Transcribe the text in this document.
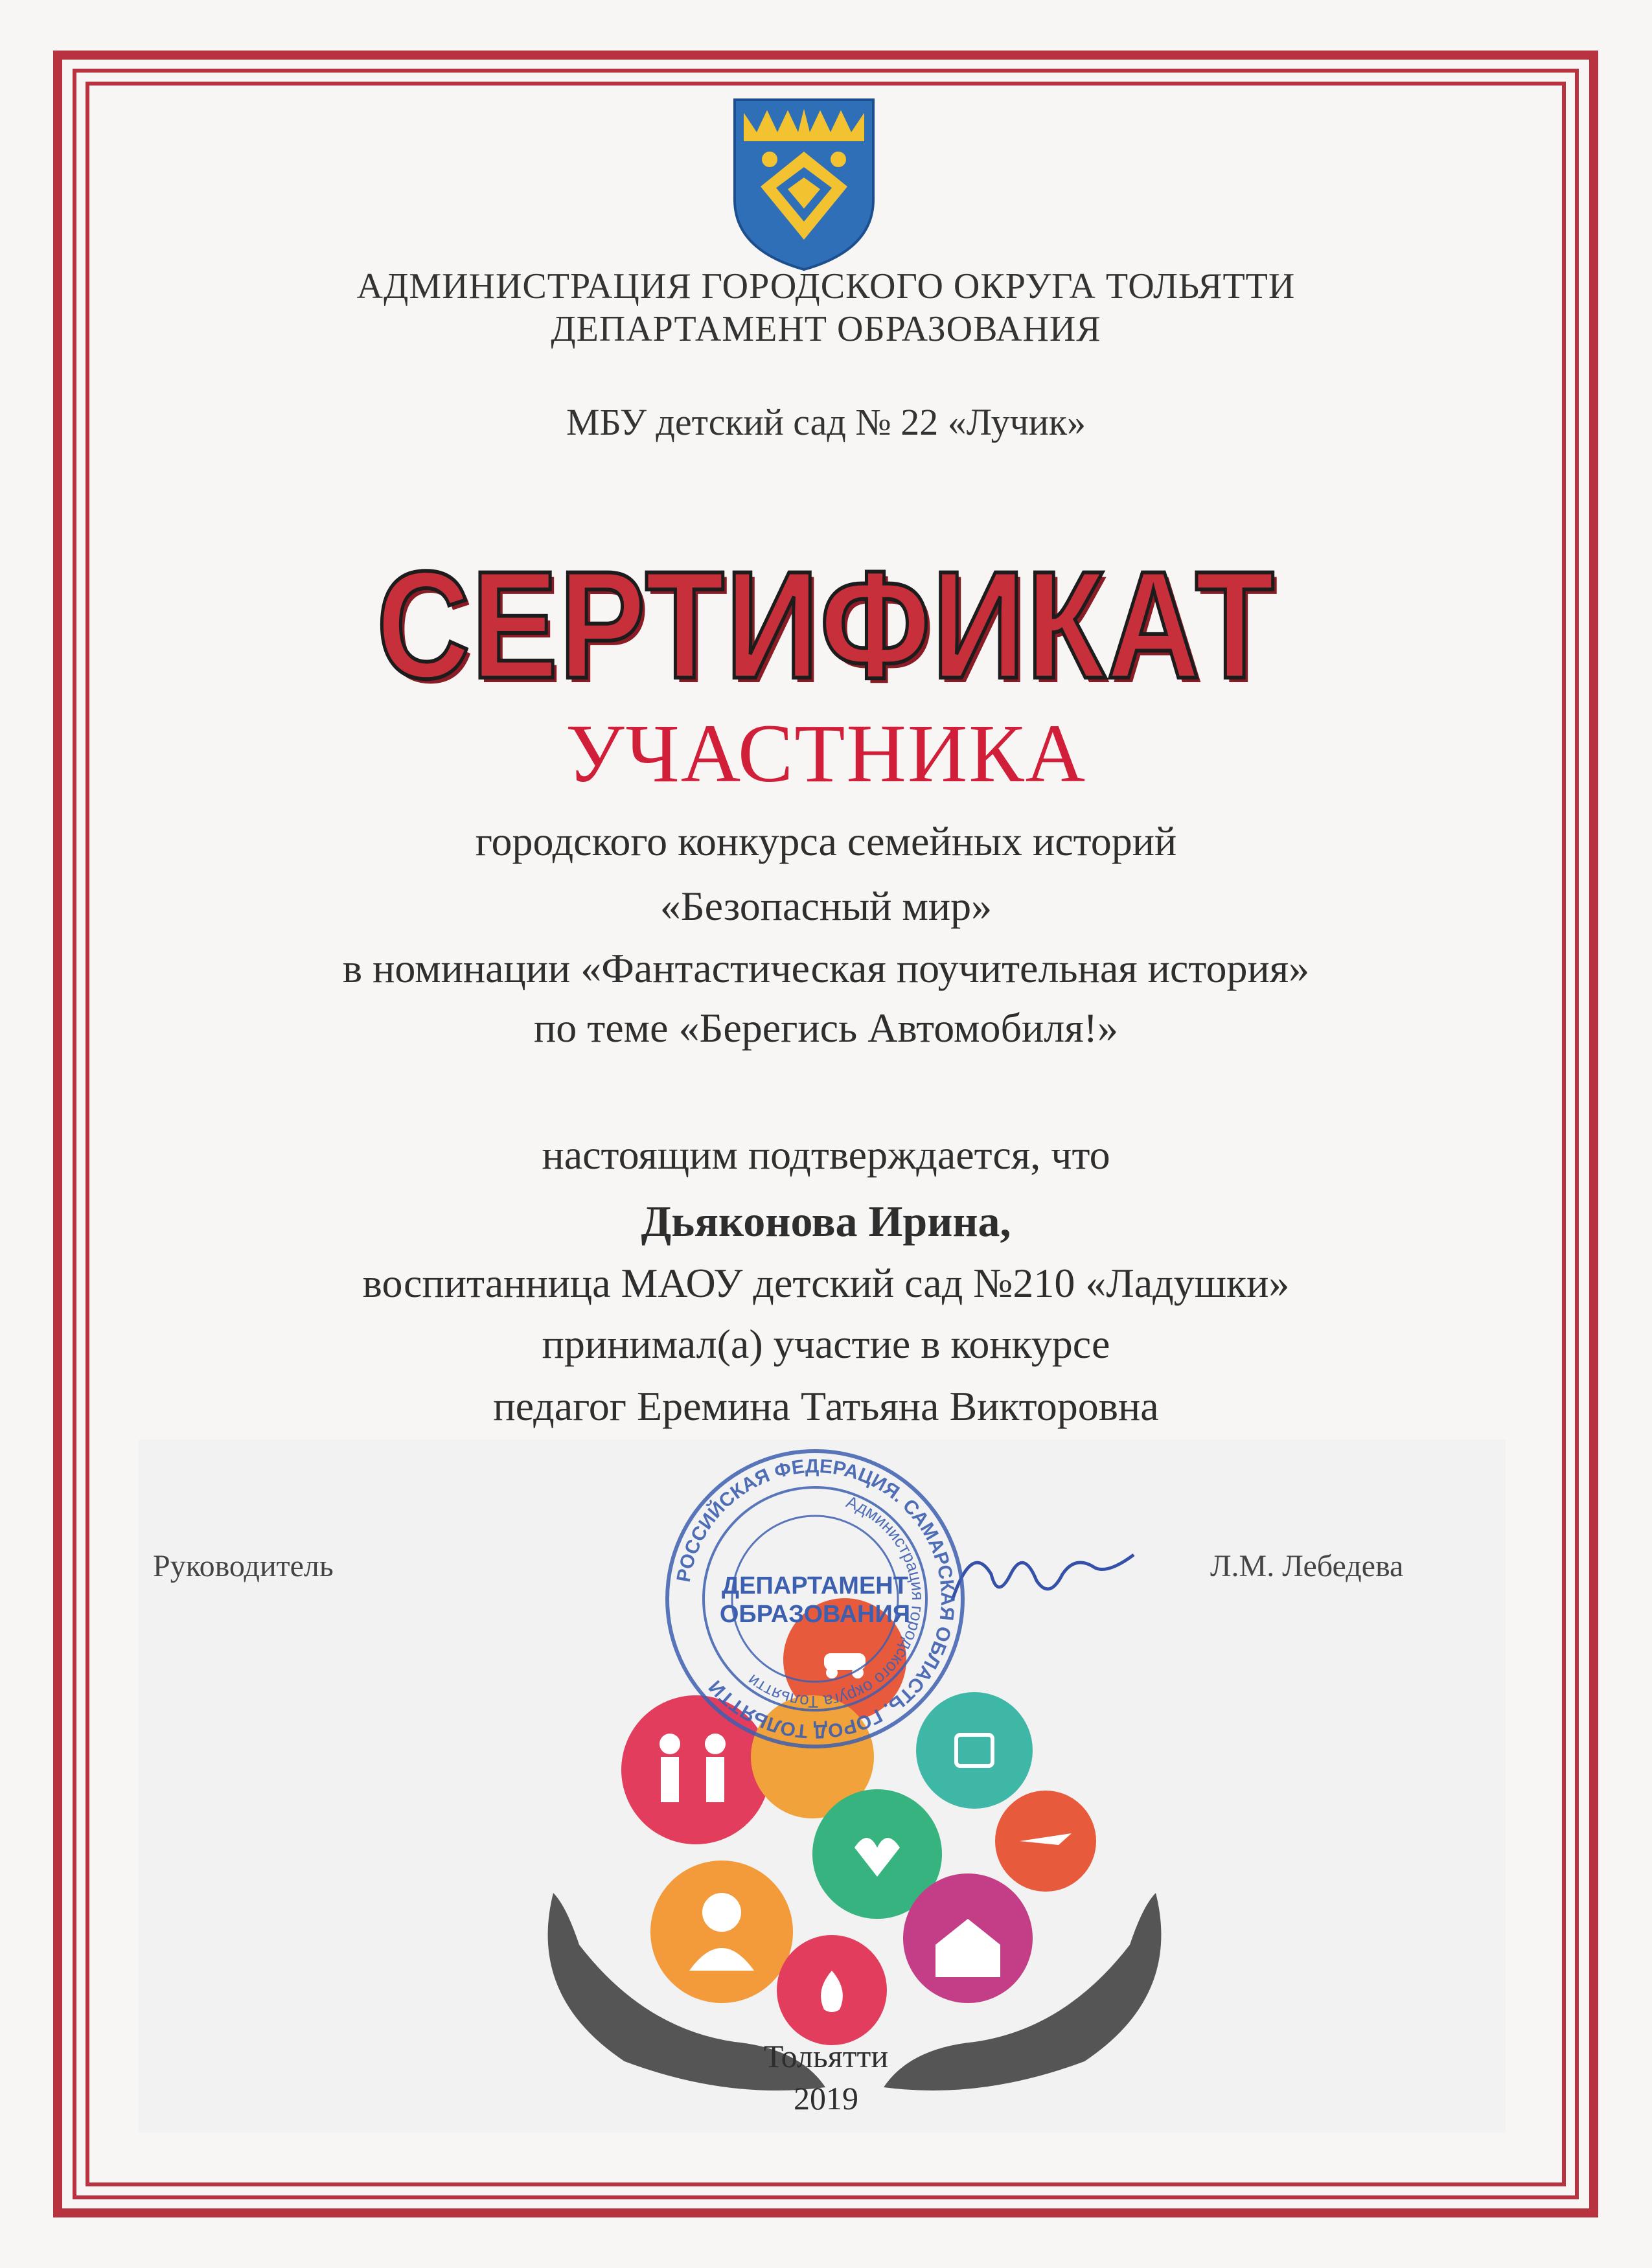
АДМИНИСТРАЦИЯ ГОРОДСКОГО ОКРУГА ТОЛЬЯТТИ
ДЕПАРТАМЕНТ ОБРАЗОВАНИЯ
МБУ детский сад № 22 «Лучик»
СЕРТИФИКАТ
УЧАСТНИКА
городского конкурса семейных историй
«Безопасный мир»
в номинации «Фантастическая поучительная история»
по теме «Берегись Автомобиля!»
настоящим подтверждается, что
Дьяконова Ирина,
воспитанница МАОУ детский сад №210 «Ладушки»
принимал(а) участие в конкурсе
педагог Еремина Татьяна Викторовна
Руководитель	Л.М. Лебедева
РОССИЙСКАЯ ФЕДЕРАЦИЯ. САМАРСКАЯ ОБЛАСТЬ. ГОРОД ТОЛЬЯТТИ
Администрация городского округа Тольятти
ДЕПАРТАМЕНТ
ОБРАЗОВАНИЯ
Тольятти
2019
